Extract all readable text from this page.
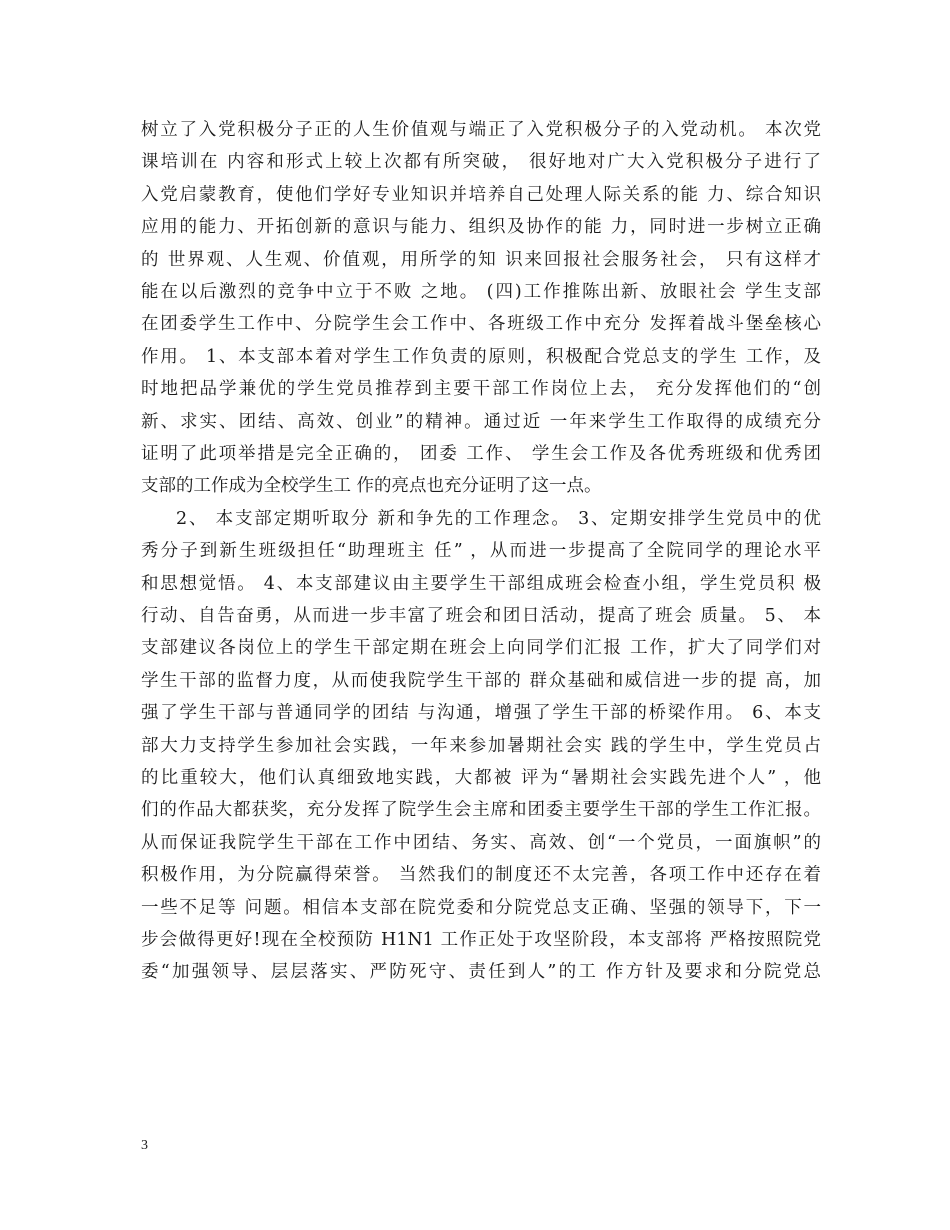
树立了入党积极分子正的人生价值观与端正了入党积极分子的入党动机。 本次党
课培训在 内容和形式上较上次都有所突破， 很好地对广大入党积极分子进行了
入党启蒙教育，使他们学好专业知识并培养自己处理人际关系的能 力、综合知识
应用的能力、开拓创新的意识与能力、组织及协作的能 力，同时进一步树立正确
的 世界观、人生观、价值观，用所学的知 识来回报社会服务社会， 只有这样才
能在以后激烈的竞争中立于不败 之地。 (四)工作推陈出新、放眼社会 学生支部
在团委学生工作中、分院学生会工作中、各班级工作中充分 发挥着战斗堡垒核心
作用。 1、本支部本着对学生工作负责的原则，积极配合党总支的学生 工作，及
时地把品学兼优的学生党员推荐到主要干部工作岗位上去， 充分发挥他们的“创
新、求实、团结、高效、创业”的精神。通过近 一年来学生工作取得的成绩充分
证明了此项举措是完全正确的， 团委 工作、 学生会工作及各优秀班级和优秀团
支部的工作成为全校学生工 作的亮点也充分证明了这一点。
2、 本支部定期听取分 新和争先的工作理念。 3、定期安排学生党员中的优
秀分子到新生班级担任“助理班主 任” ，从而进一步提高了全院同学的理论水平
和思想觉悟。 4、本支部建议由主要学生干部组成班会检查小组，学生党员积 极
行动、自告奋勇，从而进一步丰富了班会和团日活动，提高了班会 质量。 5、 本
支部建议各岗位上的学生干部定期在班会上向同学们汇报 工作，扩大了同学们对
学生干部的监督力度，从而使我院学生干部的 群众基础和威信进一步的提 高，加
强了学生干部与普通同学的团结 与沟通，增强了学生干部的桥梁作用。 6、本支
部大力支持学生参加社会实践，一年来参加暑期社会实 践的学生中，学生党员占
的比重较大，他们认真细致地实践，大都被 评为“暑期社会实践先进个人” ，他
们的作品大都获奖，充分发挥了院学生会主席和团委主要学生干部的学生工作汇报。
从而保证我院学生干部在工作中团结、务实、高效、创“一个党员，一面旗帜”的
积极作用，为分院赢得荣誉。 当然我们的制度还不太完善，各项工作中还存在着
一些不足等 问题。相信本支部在院党委和分院党总支正确、坚强的领导下，下一
步会做得更好!现在全校预防 H1N1 工作正处于攻坚阶段，本支部将 严格按照院党
委“加强领导、层层落实、严防死守、责任到人”的工 作方针及要求和分院党总
3
